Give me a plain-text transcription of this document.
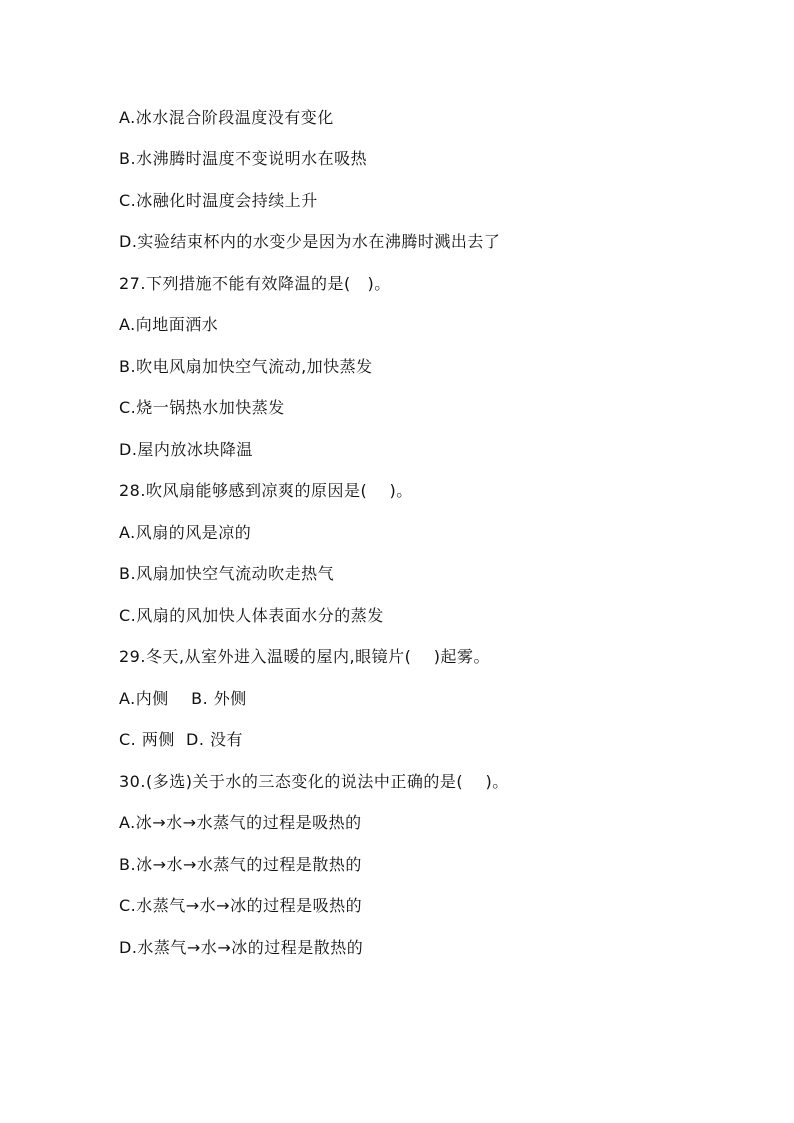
A.冰水混合阶段温度没有变化
B.水沸腾时温度不变说明水在吸热
C.冰融化时温度会持续上升
D.实验结束杯内的水变少是因为水在沸腾时溅出去了
27.下列措施不能有效降温的是(   )。
A.向地面洒水
B.吹电风扇加快空气流动,加快蒸发
C.烧一锅热水加快蒸发
D.屋内放冰块降温
28.吹风扇能够感到凉爽的原因是(    )。
A.风扇的风是凉的
B.风扇加快空气流动吹走热气
C.风扇的风加快人体表面水分的蒸发
29.冬天,从室外进入温暖的屋内,眼镜片(    )起雾。
A.内侧    B. 外侧
C. 两侧  D. 没有
30.(多选)关于水的三态变化的说法中正确的是(    )。
A.冰→水→水蒸气的过程是吸热的
B.冰→水→水蒸气的过程是散热的
C.水蒸气→水→冰的过程是吸热的
D.水蒸气→水→冰的过程是散热的
